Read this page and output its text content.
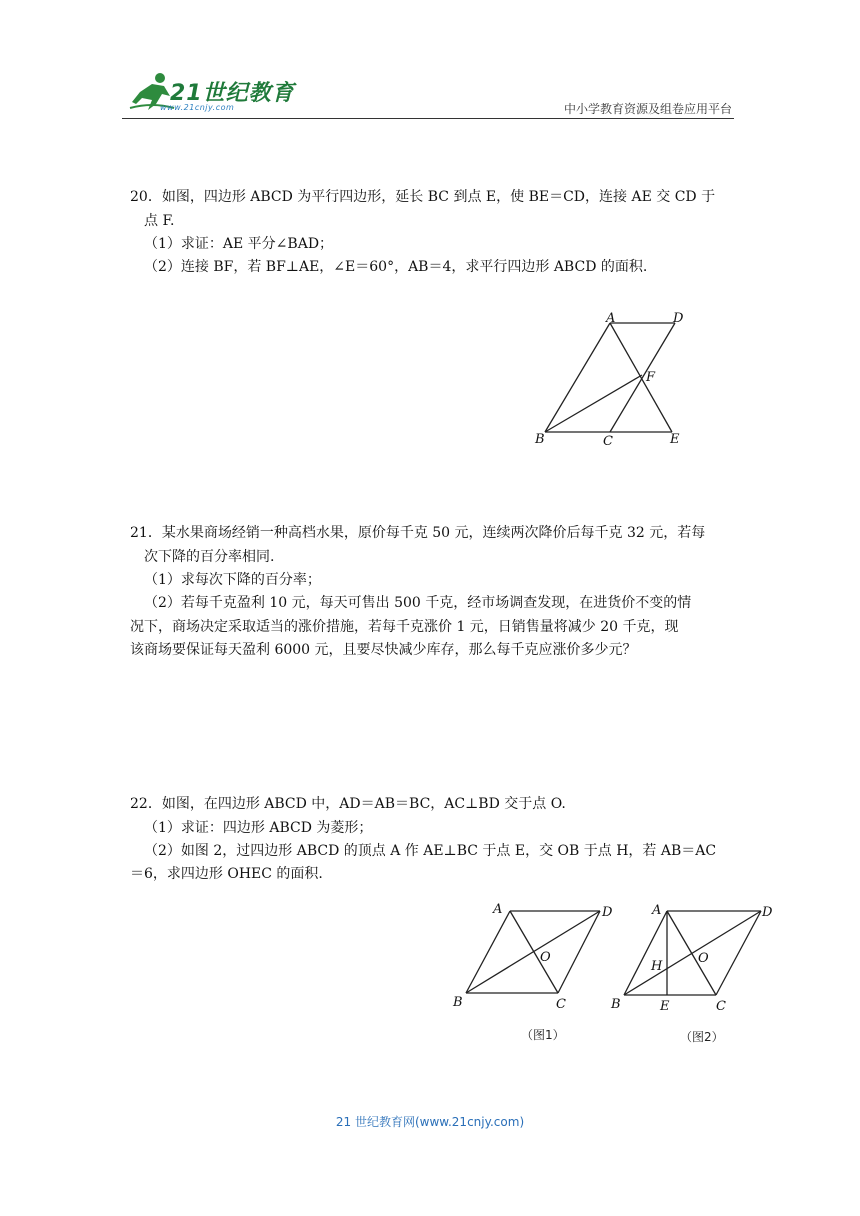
21世纪教育
www.21cnjy.com	中小学教育资源及组卷应用平台
20．如图，四边形 ABCD 为平行四边形，延长 BC 到点 E，使 BE＝CD，连接 AE 交 CD 于
点 F.
（1）求证：AE 平分∠BAD；
（2）连接 BF，若 BF⊥AE，∠E＝60°，AB＝4，求平行四边形 ABCD 的面积.
A	D
F
B	C	E
21．某水果商场经销一种高档水果，原价每千克 50 元，连续两次降价后每千克 32 元，若每
次下降的百分率相同.
（1）求每次下降的百分率；
（2）若每千克盈利 10 元，每天可售出 500 千克，经市场调查发现，在进货价不变的情
况下，商场决定采取适当的涨价措施，若每千克涨价 1 元，日销售量将减少 20 千克，现
该商场要保证每天盈利 6000 元，且要尽快减少库存，那么每千克应涨价多少元？
22．如图，在四边形 ABCD 中，AD＝AB＝BC，AC⊥BD 交于点 O.
（1）求证：四边形 ABCD 为菱形；
（2）如图 2，过四边形 ABCD 的顶点 A 作 AE⊥BC 于点 E，交 OB 于点 H，若 AB＝AC
＝6，求四边形 OHEC 的面积.
A	D
O
B	C
A	D
O
H
B	E	C
（图1）	（图2）
21 世纪教育网(www.21cnjy.com)
